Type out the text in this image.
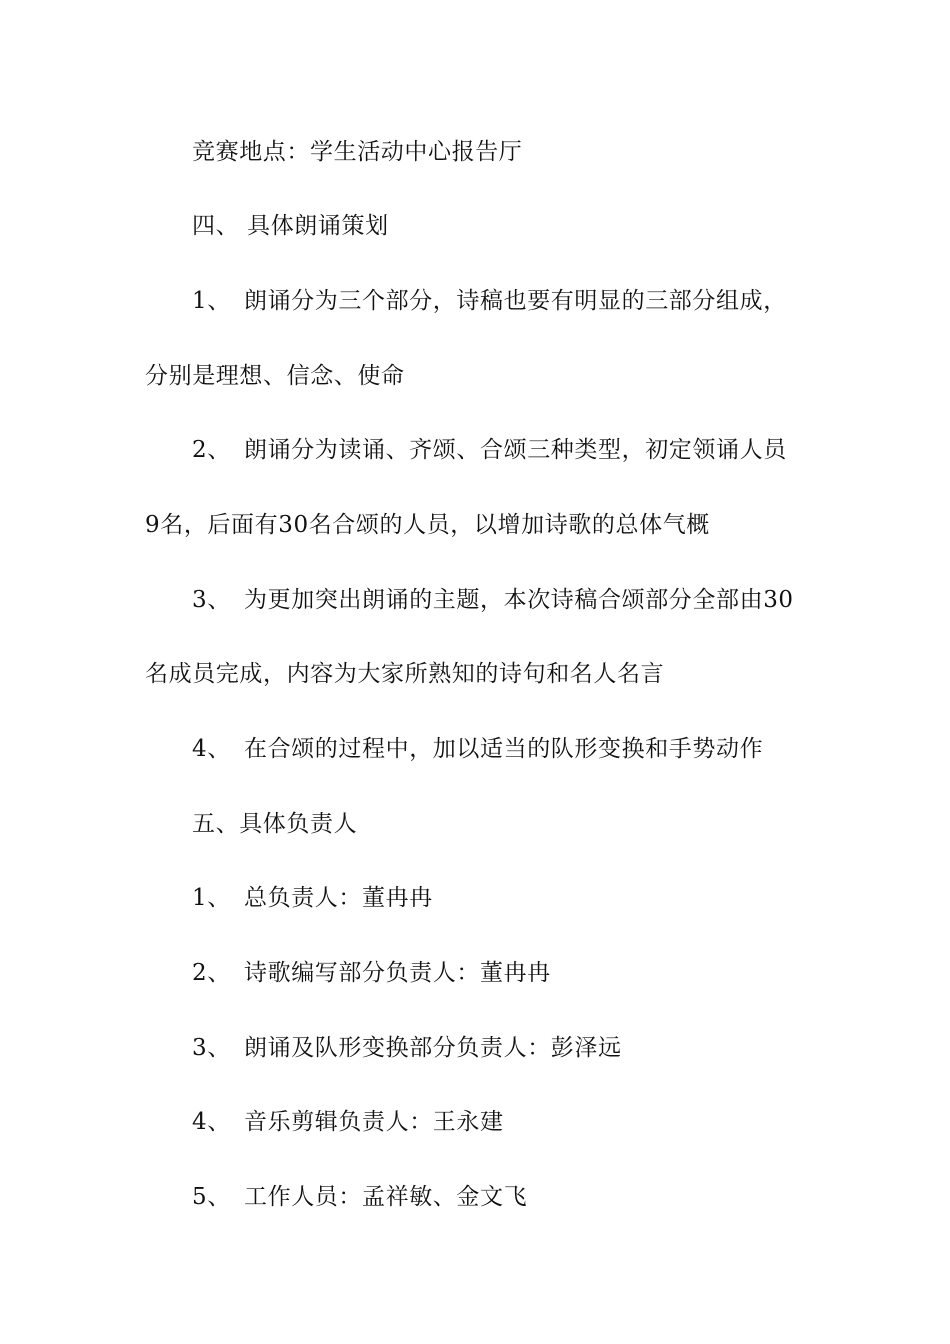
竞赛地点：学生活动中心报告厅
四、 具体朗诵策划
1、 朗诵分为三个部分，诗稿也要有明显的三部分组成，
分别是理想、信念、使命
2、 朗诵分为读诵、齐颂、合颂三种类型，初定领诵人员
9名，后面有30名合颂的人员，以增加诗歌的总体气概
3、 为更加突出朗诵的主题，本次诗稿合颂部分全部由30
名成员完成，内容为大家所熟知的诗句和名人名言
4、 在合颂的过程中，加以适当的队形变换和手势动作
五、具体负责人
1、 总负责人：董冉冉
2、 诗歌编写部分负责人：董冉冉
3、 朗诵及队形变换部分负责人：彭泽远
4、 音乐剪辑负责人：王永建
5、 工作人员：孟祥敏、金文飞
